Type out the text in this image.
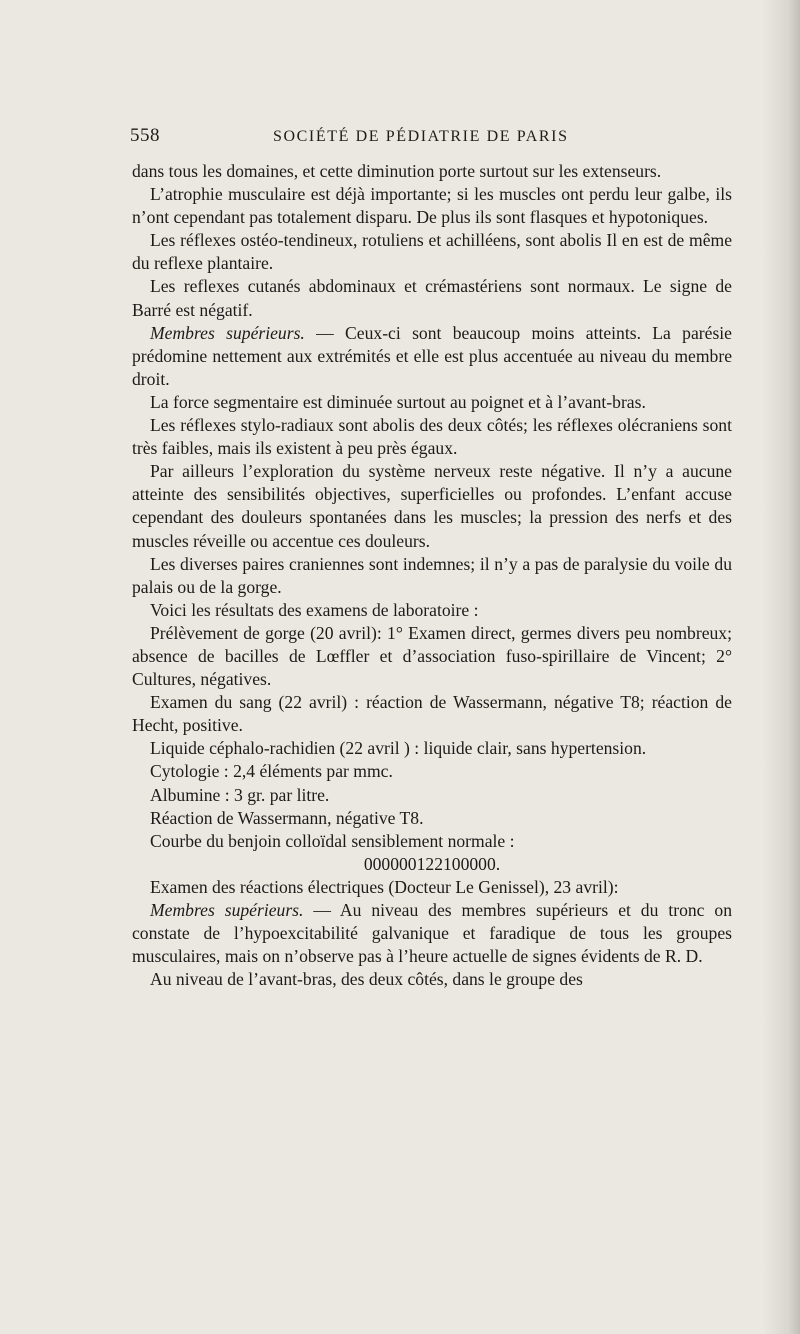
558	SOCIÉTÉ DE PÉDIATRIE DE PARIS

dans tous les domaines, et cette diminution porte surtout sur les extenseurs.

L’atrophie musculaire est déjà importante; si les muscles ont perdu leur galbe, ils n’ont cependant pas totalement disparu. De plus ils sont flasques et hypotoniques.

Les réflexes ostéo-tendineux, rotuliens et achilléens, sont abolis Il en est de même du reflexe plantaire.

Les reflexes cutanés abdominaux et crémastériens sont normaux. Le signe de Barré est négatif.

Membres supérieurs. — Ceux-ci sont beaucoup moins atteints. La parésie prédomine nettement aux extrémités et elle est plus accentuée au niveau du membre droit.

La force segmentaire est diminuée surtout au poignet et à l’avant-bras.

Les réflexes stylo-radiaux sont abolis des deux côtés; les réflexes olécraniens sont très faibles, mais ils existent à peu près égaux.

Par ailleurs l’exploration du système nerveux reste négative. Il n’y a aucune atteinte des sensibilités objectives, superficielles ou profondes. L’enfant accuse cependant des douleurs spontanées dans les muscles; la pression des nerfs et des muscles réveille ou accentue ces douleurs.

Les diverses paires craniennes sont indemnes; il n’y a pas de paralysie du voile du palais ou de la gorge.

Voici les résultats des examens de laboratoire :

Prélèvement de gorge (20 avril): 1° Examen direct, germes divers peu nombreux; absence de bacilles de Lœffler et d’association fuso-spirillaire de Vincent; 2° Cultures, négatives.

Examen du sang (22 avril) : réaction de Wassermann, négative T8; réaction de Hecht, positive.

Liquide céphalo-rachidien (22 avril ) : liquide clair, sans hypertension.

Cytologie : 2,4 éléments par mmc.

Albumine : 3 gr. par litre.

Réaction de Wassermann, négative T8.

Courbe du benjoin colloïdal sensiblement normale :

000000122100000.

Examen des réactions électriques (Docteur Le Genissel), 23 avril):

Membres supérieurs. — Au niveau des membres supérieurs et du tronc on constate de l’hypoexcitabilité galvanique et faradique de tous les groupes musculaires, mais on n’observe pas à l’heure actuelle de signes évidents de R. D.

Au niveau de l’avant-bras, des deux côtés, dans le groupe des
